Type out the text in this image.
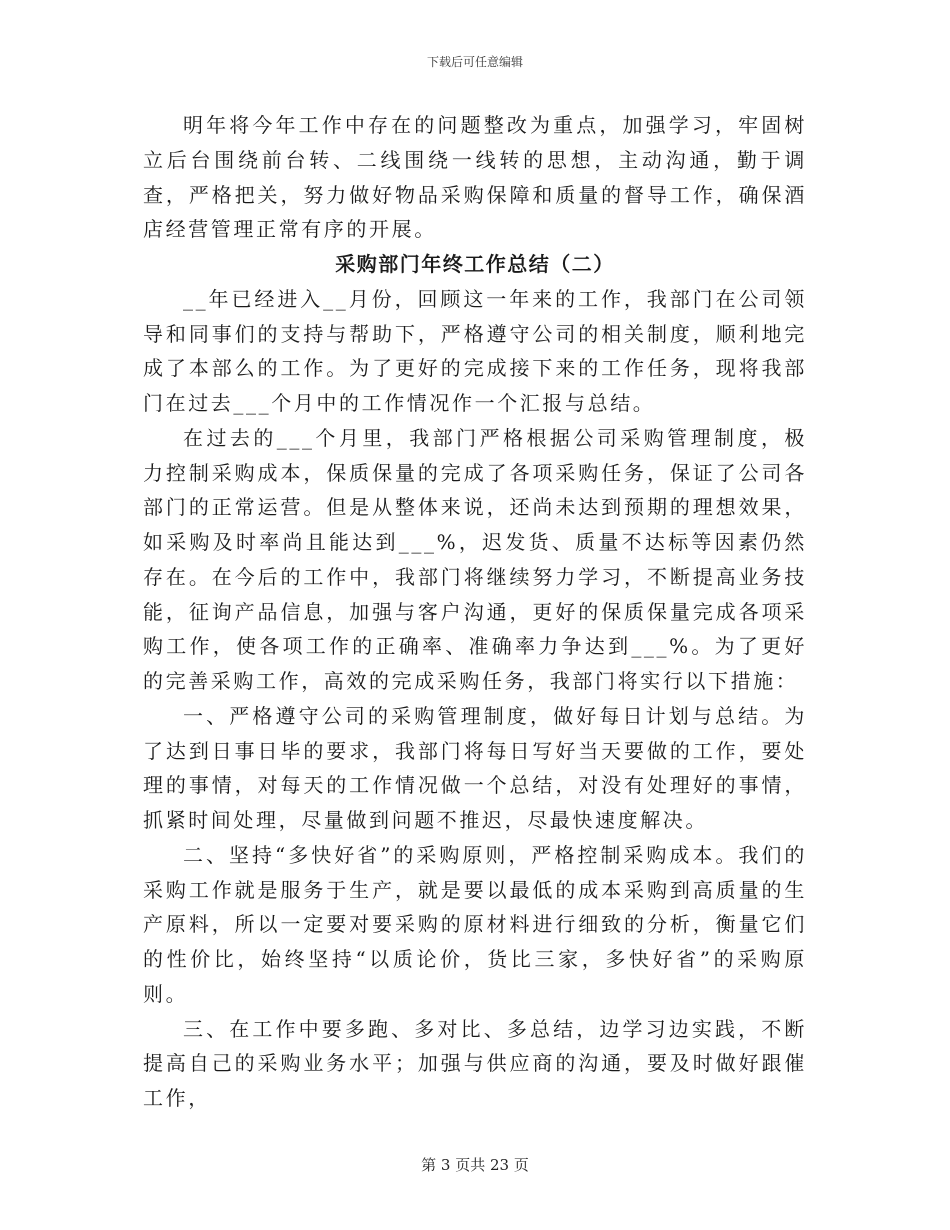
下载后可任意编辑

明年将今年工作中存在的问题整改为重点，加强学习，牢固树立后台围绕前台转、二线围绕一线转的思想，主动沟通，勤于调查，严格把关，努力做好物品采购保障和质量的督导工作，确保酒店经营管理正常有序的开展。

采购部门年终工作总结（二）

__年已经进入__月份，回顾这一年来的工作，我部门在公司领导和同事们的支持与帮助下，严格遵守公司的相关制度，顺利地完成了本部么的工作。为了更好的完成接下来的工作任务，现将我部门在过去___个月中的工作情况作一个汇报与总结。

在过去的___个月里，我部门严格根据公司采购管理制度，极力控制采购成本，保质保量的完成了各项采购任务，保证了公司各部门的正常运营。但是从整体来说，还尚未达到预期的理想效果，如采购及时率尚且能达到___%，迟发货、质量不达标等因素仍然存在。在今后的工作中，我部门将继续努力学习，不断提高业务技能，征询产品信息，加强与客户沟通，更好的保质保量完成各项采购工作，使各项工作的正确率、准确率力争达到___%。为了更好的完善采购工作，高效的完成采购任务，我部门将实行以下措施：

一、严格遵守公司的采购管理制度，做好每日计划与总结。为了达到日事日毕的要求，我部门将每日写好当天要做的工作，要处理的事情，对每天的工作情况做一个总结，对没有处理好的事情，抓紧时间处理，尽量做到问题不推迟，尽最快速度解决。

二、坚持“多快好省”的采购原则，严格控制采购成本。我们的采购工作就是服务于生产，就是要以最低的成本采购到高质量的生产原料，所以一定要对要采购的原材料进行细致的分析，衡量它们的性价比，始终坚持“以质论价，货比三家，多快好省”的采购原则。

三、在工作中要多跑、多对比、多总结，边学习边实践，不断提高自己的采购业务水平；加强与供应商的沟通，要及时做好跟催工作，

第 3 页共 23 页
